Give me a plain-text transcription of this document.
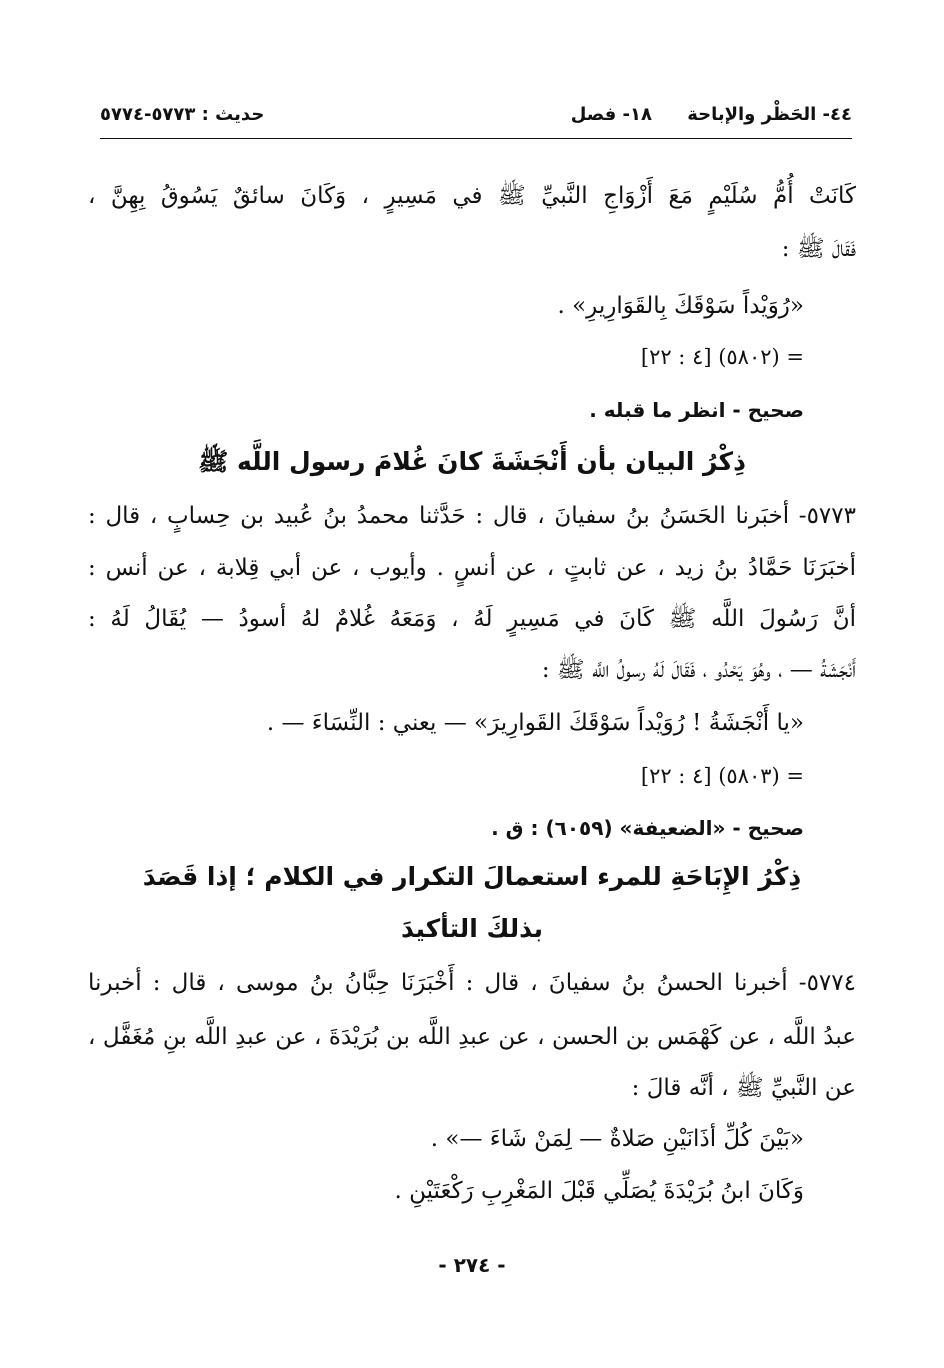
٤٤- الحَظْر والإباحة
١٨- فصل
حديث : ٥٧٧٣-٥٧٧٤
كَانَتْ أُمُّ سُلَيْمٍ مَعَ أَزْوَاجِ النَّبيِّ ﷺ في مَسِيرٍ ، وَكَانَ سائقٌ يَسُوقُ بِهِنَّ ،
فَقَالَ ﷺ :
«رُوَيْداً سَوْقَكَ بِالقَوَارِيرِ» .
= (٥٨٠٢) [٤ : ٢٢]
صحيح - انظر ما قبله .
ذِكْرُ البيان بأن أَنْجَشَةَ كانَ غُلامَ رسول اللَّه ﷺ
٥٧٧٣- أخبَرنا الحَسَنُ بنُ سفيانَ ، قال : حَدَّثنا محمدُ بنُ عُبيد بن حِسابٍ ، قال :
أخبَرَنَا حَمَّادُ بنُ زيد ، عن ثابتٍ ، عن أنسٍ . وأيوب ، عن أبي قِلابة ، عن أنس :
أنَّ رَسُولَ اللَّه ﷺ كَانَ في مَسِيرٍ لَهُ ، وَمَعَهُ غُلامٌ لهُ أسودُ — يُقَالُ لَهُ :
أَنْجَشَةُ — ، وهُوَ يَحْدُو ، فَقَالَ لَهُ رسولُ اللَّه ﷺ :
«يا أَنْجَشَةُ ! رُوَيْداً سَوْقَكَ القَوارِيرَ» — يعني : النِّسَاءَ — .
= (٥٨٠٣) [٤ : ٢٢]
صحيح - «الضعيفة» (٦٠٥٩) : ق .
ذِكْرُ الإِبَاحَةِ للمرء استعمالَ التكرار في الكلام ؛ إذا قَصَدَ
بذلكَ التأكيدَ
٥٧٧٤- أخبرنا الحسنُ بنُ سفيانَ ، قال : أَخْبَرَنَا حِبَّانُ بنُ موسى ، قال : أخبرنا
عبدُ اللَّه ، عن كَهْمَس بن الحسن ، عن عبدِ اللَّه بن بُرَيْدَةَ ، عن عبدِ اللَّه بنِ مُغَفَّل ،
عن النَّبيِّ ﷺ ، أنَّه قالَ :
«بَيْنَ كُلِّ أذَانَيْنِ صَلاةٌ — لِمَنْ شَاءَ —» .
وَكَانَ ابنُ بُرَيْدَةَ يُصَلِّي قَبْلَ المَغْرِبِ رَكْعَتَيْنِ .
- ٢٧٤ -
